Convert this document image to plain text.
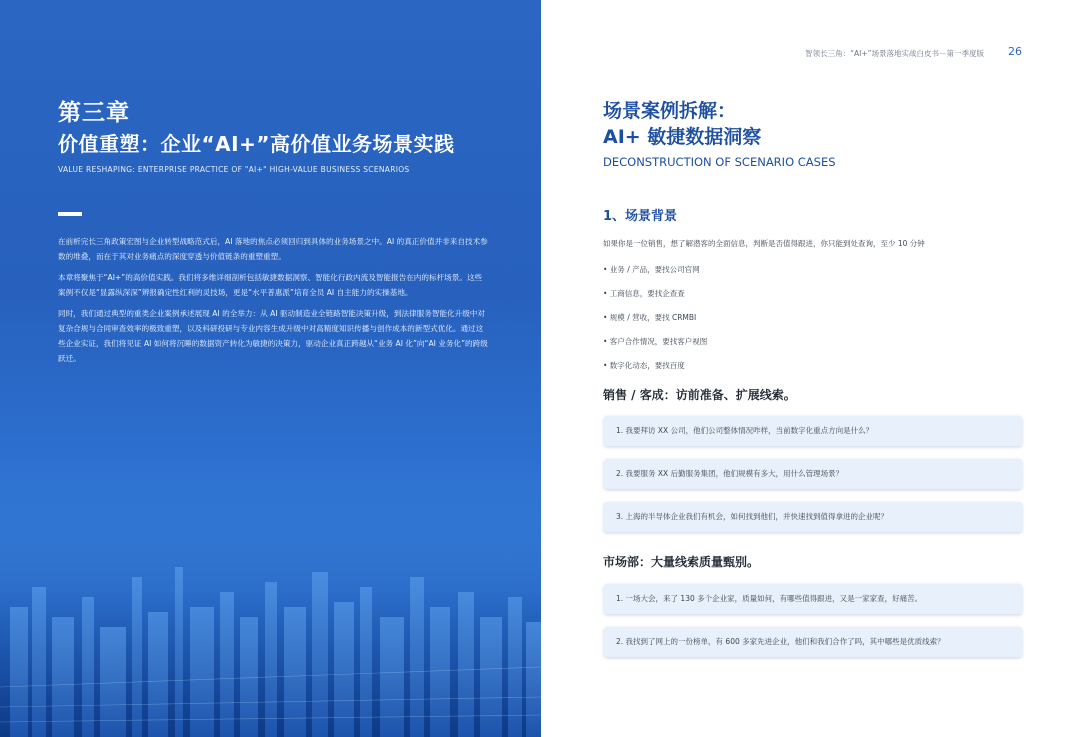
第三章
价值重塑：企业“AI+”高价值业务场景实践
VALUE RESHAPING: ENTERPRISE PRACTICE OF "AI+" HIGH-VALUE BUSINESS SCENARIOS

在前析完长三角政策宏图与企业转型战略范式后，AI 落地的焦点必须回归到具体的业务场景之中。AI 的真正价值并非来自技术参数的堆叠，而在于其对业务痛点的深度穿透与价值链条的重塑重塑。

本章将聚焦于“AI+”的高价值实践。我们将多维详细剖析包括敏捷数据洞察、智能化行政内流及智能报告在内的标杆场景。这些案例不仅是“显露纵深深”辨报确定性红利的灵技场，更是“水平普惠派”培育全员 AI 自主能力的实操基地。

同时，我们通过典型的重类企业案例承述展现 AI 的全举力：从 AI 驱动制造业全链路智能决策升级，到法律服务智能化升级中对复杂合规与合同审查效率的极致重塑，以及科研投研与专业内容生成升级中对高精度知识传播与创作成本的新型式优化。通过这些企业实证，我们将见证 AI 如何将沉睡的数据资产转化为敏捷的决策力，驱动企业真正跨越从“业务 AI 化”向“AI 业务化”的跨级跃迁。

智领长三角：“AI+”场景落地实战白皮书－第一季度版 26
场景案例拆解：
AI+ 敏捷数据洞察
DECONSTRUCTION OF SCENARIO CASES
1、场景背景
如果你是一位销售，想了解潜客的全面信息，判断是否值得跟进，你只能到处查询，至少 10 分钟
• 业务 / 产品，要找公司官网
• 工商信息，要找企查查
• 规模 / 营收，要找 CRMBI
• 客户合作情况，要找客户视图
• 数字化动态，要找百度
销售 / 客成：访前准备、扩展线索。
1. 我要拜访 XX 公司，他们公司整体情况咋样，当前数字化重点方向是什么？
2. 我要服务 XX 后勤服务集团，他们规模有多大，用什么管理场景？
3. 上海的半导体企业我们有机会，如何找到他们，并快速找到值得拿进的企业呢？
市场部：大量线索质量甄别。
1. 一场大会，来了 130 多个企业家，质量如何，有哪些值得跟进，又是一家家查，好痛苦。
2. 我找到了网上的一份榜单，有 600 多家先进企业，他们和我们合作了吗，其中哪些是优质线索？
